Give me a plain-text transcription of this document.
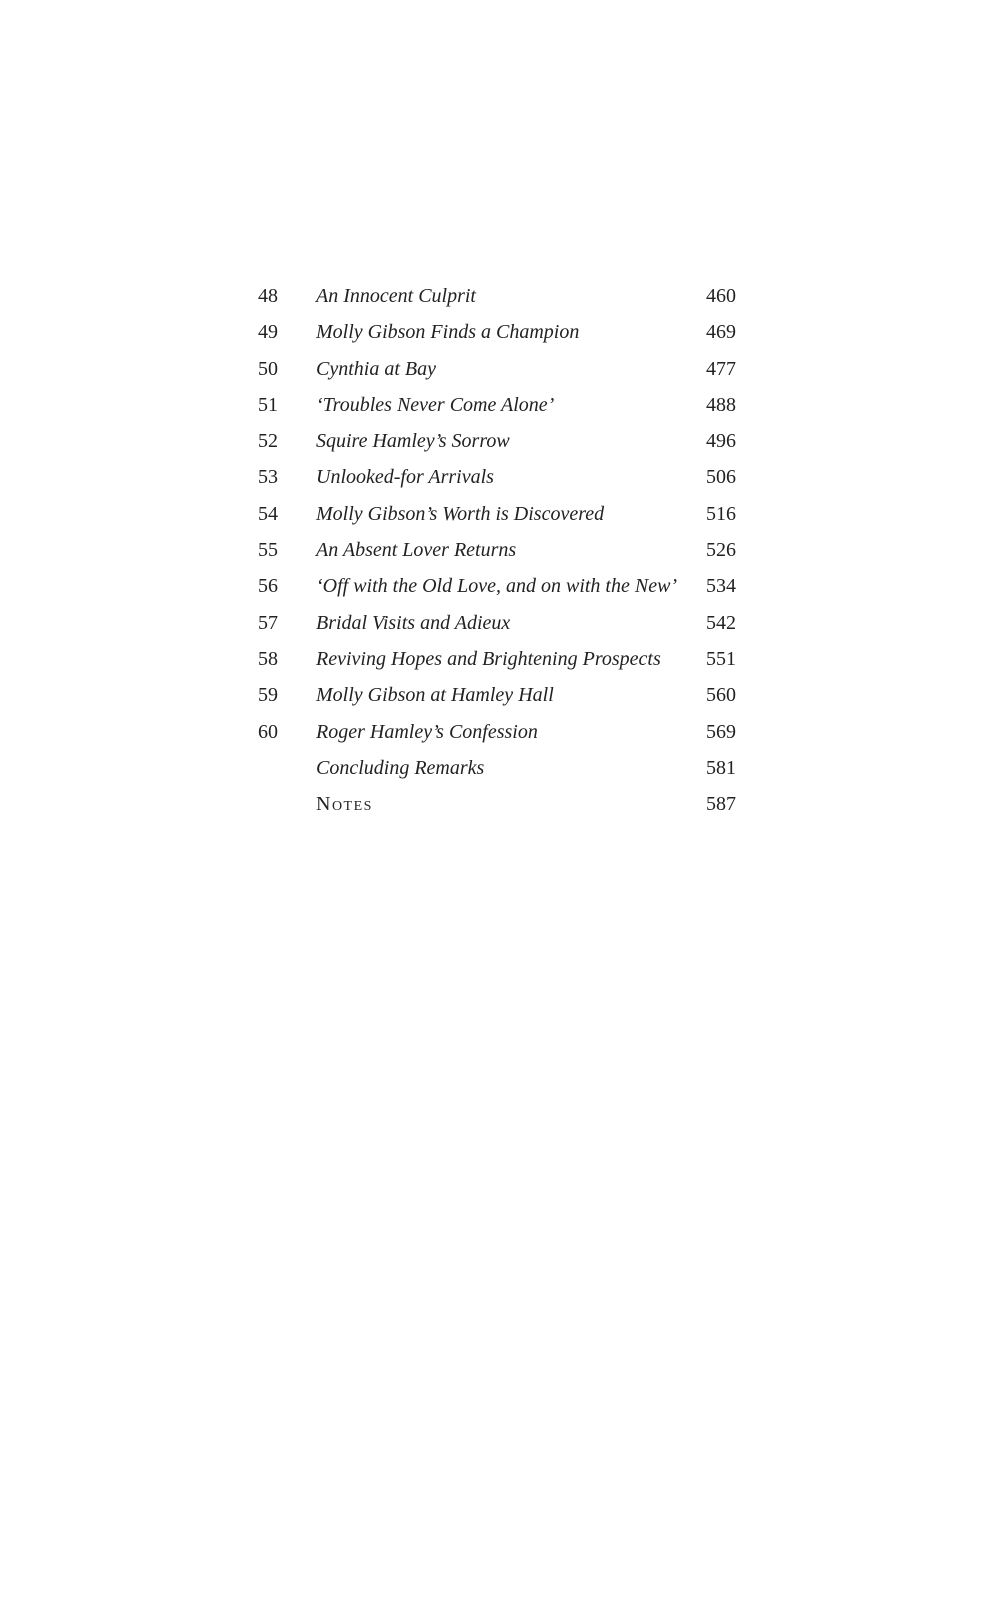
48	An Innocent Culprit	460
49	Molly Gibson Finds a Champion	469
50	Cynthia at Bay	477
51	‘Troubles Never Come Alone’	488
52	Squire Hamley’s Sorrow	496
53	Unlooked-for Arrivals	506
54	Molly Gibson’s Worth is Discovered	516
55	An Absent Lover Returns	526
56	‘Off with the Old Love, and on with the New’	534
57	Bridal Visits and Adieux	542
58	Reviving Hopes and Brightening Prospects	551
59	Molly Gibson at Hamley Hall	560
60	Roger Hamley’s Confession	569
Concluding Remarks	581
Notes	587
